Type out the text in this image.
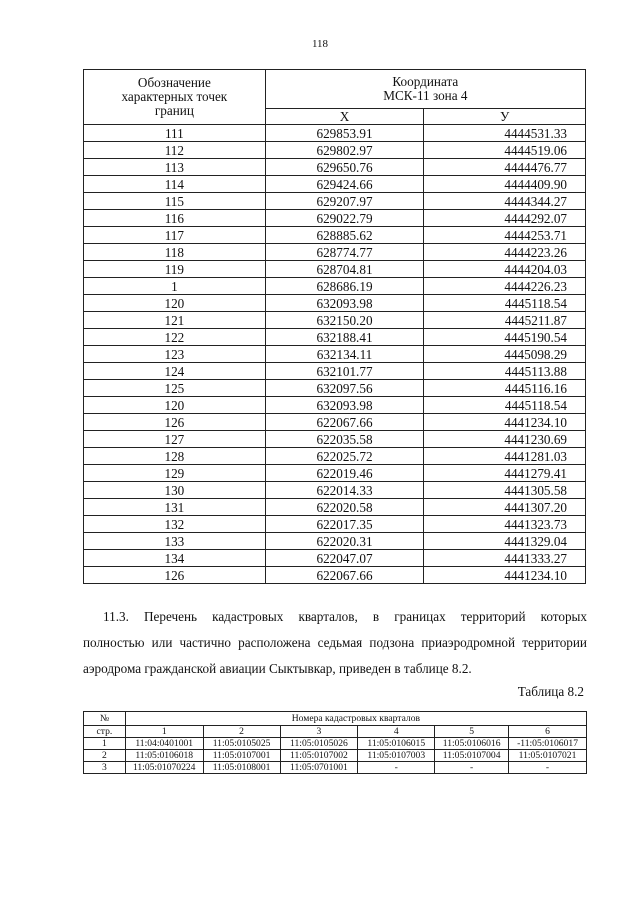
118
Обозначение характерных точек границ	Координата
МСК-11 зона 4	
	X	У
111	629853.91	4444531.33
112	629802.97	4444519.06
113	629650.76	4444476.77
114	629424.66	4444409.90
115	629207.97	4444344.27
116	629022.79	4444292.07
117	628885.62	4444253.71
118	628774.77	4444223.26
119	628704.81	4444204.03
1	628686.19	4444226.23
120	632093.98	4445118.54
121	632150.20	4445211.87
122	632188.41	4445190.54
123	632134.11	4445098.29
124	632101.77	4445113.88
125	632097.56	4445116.16
120	632093.98	4445118.54
126	622067.66	4441234.10
127	622035.58	4441230.69
128	622025.72	4441281.03
129	622019.46	4441279.41
130	622014.33	4441305.58
131	622020.58	4441307.20
132	622017.35	4441323.73
133	622020.31	4441329.04
134	622047.07	4441333.27
126	622067.66	4441234.10
11.3. Перечень кадастровых кварталов, в границах территорий которых
полностью или частично расположена седьмая подзона приаэродромной территории
аэродрома гражданской авиации Сыктывкар, приведен в таблице 8.2.
Таблица 8.2
№	Номера кадастровых кварталов					
стр.	1	2	3	4	5	6
1	11:04:0401001	11:05:0105025	11:05:0105026	11:05:0106015	11:05:0106016	-11:05:0106017
2	11:05:0106018	11:05:0107001	11:05:0107002	11:05:0107003	11:05:0107004	11:05:0107021
3	11:05:01070224	11:05:0108001	11:05:0701001	-	-	-
